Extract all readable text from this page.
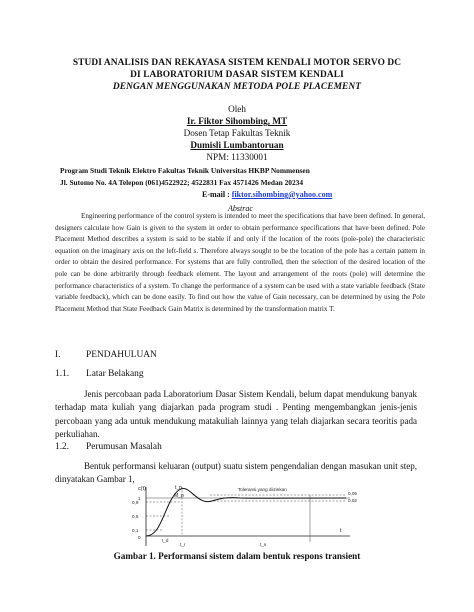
STUDI ANALISIS DAN REKAYASA SISTEM KENDALI MOTOR SERVO DC
DI LABORATORIUM DASAR SISTEM KENDALI
DENGAN MENGGUNAKAN METODA POLE PLACEMENT
Oleh
Ir. Fiktor Sihombing, MT
Dosen Tetap Fakultas Teknik
Dumisli Lumbantoruan
NPM: 11330001
Program Studi Teknik Elektro Fakultas Teknik Universitas HKBP Nommensen
Jl. Sutomo No. 4A Telepon (061)4522922; 4522831 Fax 4571426 Medan 20234
E-mail : fiktor.sihombing@yahoo.com
Abstrac
Engineering performance of the control system is intended to meet the specifications that have been defined. In general, designers calculate how Gain is given to the system in order to obtain performance specifications that have been defined. Pole Placement Method describes a system is said to be stable if and only if the location of the roots (pole-pole) the characteristic equation on the imaginary axis on the left-field s. Therefore always sought to be the location of the pole has a certain pattern in order to obtain the desired performance. For systems that are fully controlled, then the selection of the desired location of the pole can be done arbitrarily through feedback element. The layout and arrangement of the roots (pole) will determine the performance characteristics of a system. To change the performance of a system can be used with a state variable feedback (State variable feedback), which can be done easily. To find out how the value of Gain necessary, can be determined by using the Pole Placement Method that State Feedback Gain Matrix is determined by the transformation matrix T.
I.	PENDAHULUAN
1.1. Latar Belakang
Jenis percobaan pada Laboratorium Dasar Sistem Kendali, belum dapat mendukung banyak terhadap mata kuliah yang diajarkan pada program studi . Penting mengembangkan jenis-jenis percobaan yang ada untuk mendukung matakuliah lainnya yang telah diajarkan secara teoritis pada perkuliahan.
1.2. Perumusan Masalah
Bentuk performansi keluaran (output) suatu sistem pengendalian dengan masukan unit step, dinyatakan Gambar 1,
c(t)
t
t_p
M_p
Toleransi yang diizinkan
0,05
0,02
1
0,9
0,5
0,1
0
t_d
t_r	t_s
Gambar 1. Performansi sistem dalam bentuk respons transient
